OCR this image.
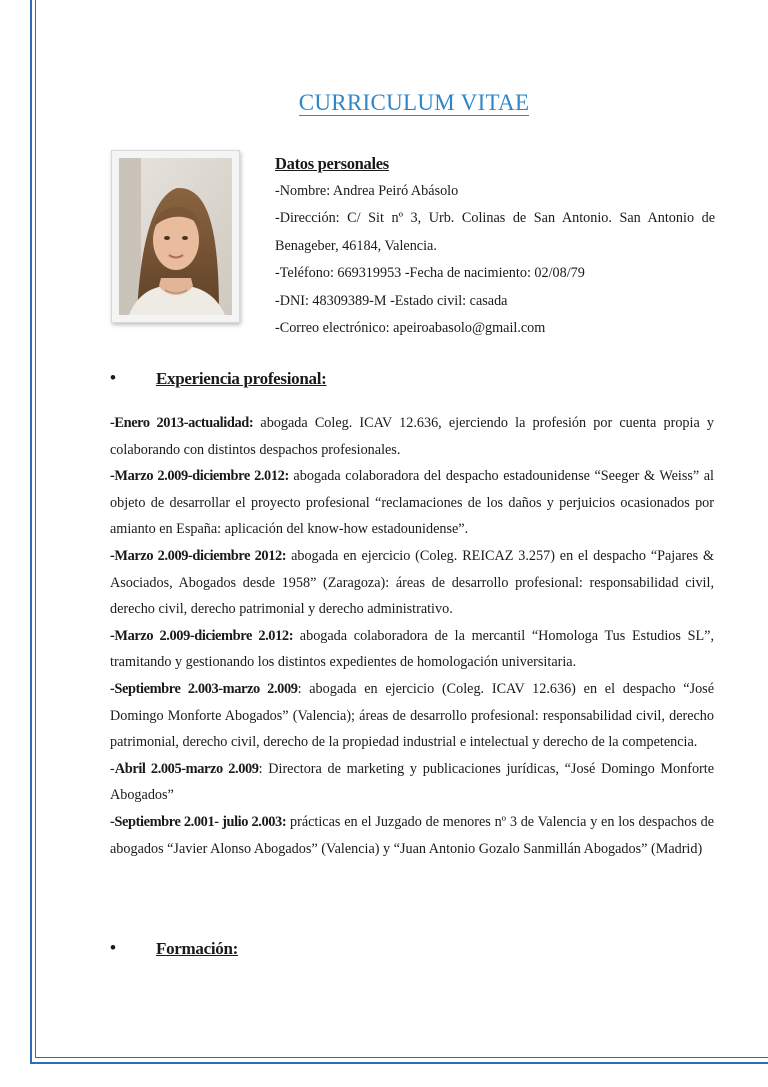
CURRICULUM VITAE
Datos personales
-Nombre: Andrea Peiró Abásolo
-Dirección: C/ Sit nº 3, Urb. Colinas de San Antonio. San Antonio de
Benageber, 46184, Valencia.
-Teléfono: 669319953 -Fecha de nacimiento: 02/08/79
-DNI: 48309389-M -Estado civil: casada
-Correo electrónico: apeiroabasolo@gmail.com
• Experiencia profesional:
-Enero 2013-actualidad: abogada Coleg. ICAV 12.636, ejerciendo la profesión por cuenta propia y colaborando con distintos despachos profesionales.
-Marzo 2.009-diciembre 2.012: abogada colaboradora del despacho estadounidense “Seeger & Weiss” al objeto de desarrollar el proyecto profesional “reclamaciones de los daños y perjuicios ocasionados por amianto en España: aplicación del know-how estadounidense”.
-Marzo 2.009-diciembre 2012: abogada en ejercicio (Coleg. REICAZ 3.257) en el despacho “Pajares & Asociados, Abogados desde 1958” (Zaragoza): áreas de desarrollo profesional: responsabilidad civil, derecho civil, derecho patrimonial y derecho administrativo.
-Marzo 2.009-diciembre 2.012: abogada colaboradora de la mercantil “Homologa Tus Estudios SL”, tramitando y gestionando los distintos expedientes de homologación universitaria.
-Septiembre 2.003-marzo 2.009: abogada en ejercicio (Coleg. ICAV 12.636) en el despacho “José Domingo Monforte Abogados” (Valencia); áreas de desarrollo profesional: responsabilidad civil, derecho patrimonial, derecho civil, derecho de la propiedad industrial e intelectual y derecho de la competencia.
-Abril 2.005-marzo 2.009: Directora de marketing y publicaciones jurídicas, “José Domingo Monforte Abogados”
-Septiembre 2.001- julio 2.003: prácticas en el Juzgado de menores nº 3 de Valencia y en los despachos de abogados “Javier Alonso Abogados” (Valencia) y “Juan Antonio Gozalo Sanmillán Abogados” (Madrid)
• Formación:
